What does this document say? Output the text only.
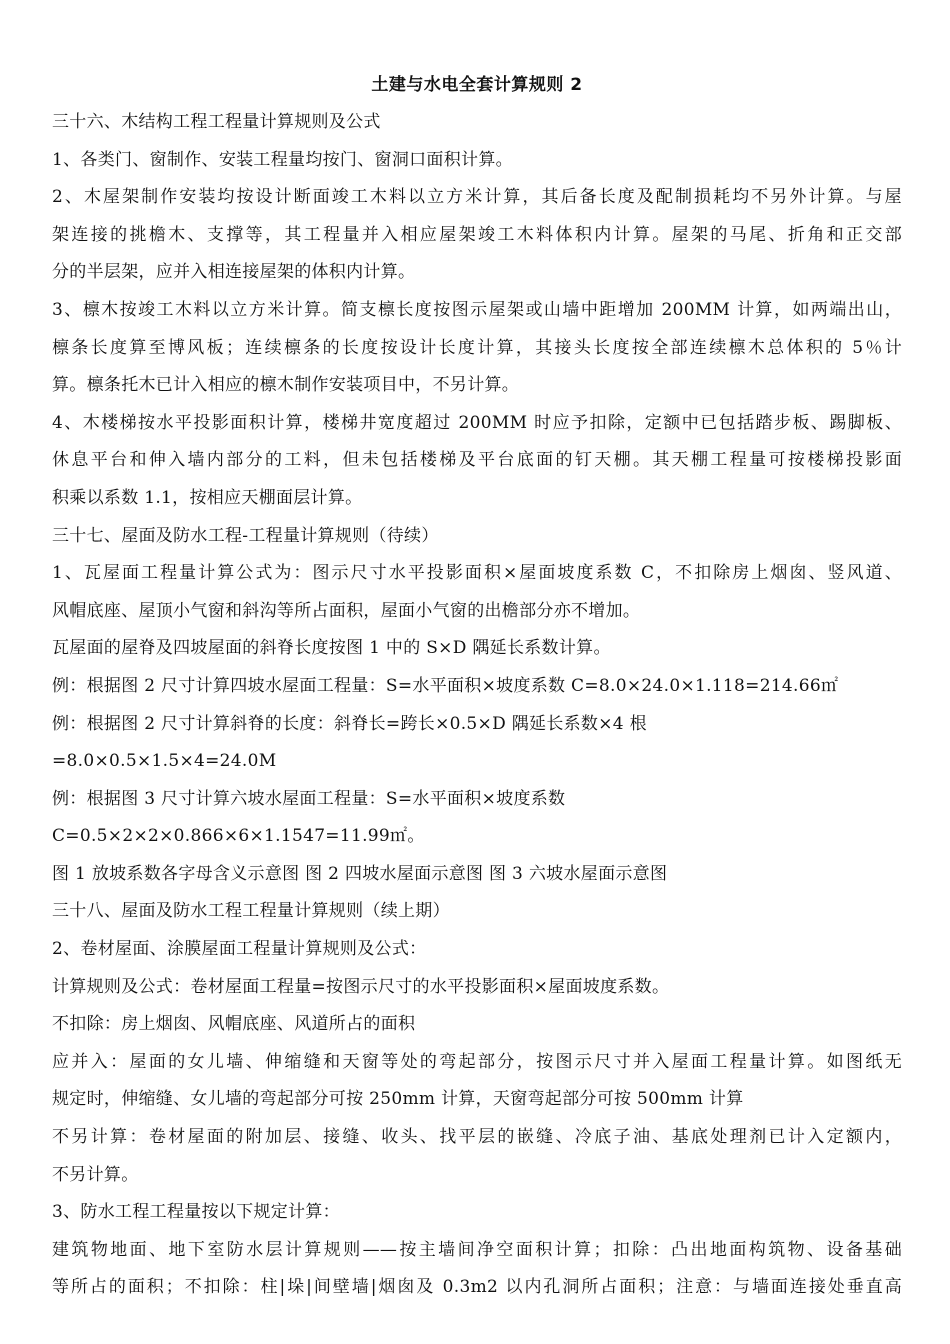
土建与水电全套计算规则 2

三十六、木结构工程工程量计算规则及公式

1、各类门、窗制作、安装工程量均按门、窗洞口面积计算。

2、木屋架制作安装均按设计断面竣工木料以立方米计算，其后备长度及配制损耗均不另外计算。与屋

架连接的挑檐木、支撑等，其工程量并入相应屋架竣工木料体积内计算。屋架的马尾、折角和正交部

分的半层架，应并入相连接屋架的体积内计算。

3、檩木按竣工木料以立方米计算。简支檩长度按图示屋架或山墙中距增加 200MM 计算，如两端出山，

檩条长度算至博风板；连续檩条的长度按设计长度计算，其接头长度按全部连续檩木总体积的 5％计

算。檩条托木已计入相应的檩木制作安装项目中，不另计算。

4、木楼梯按水平投影面积计算，楼梯井宽度超过 200MM 时应予扣除，定额中已包括踏步板、踢脚板、

休息平台和伸入墙内部分的工料，但未包括楼梯及平台底面的钉天棚。其天棚工程量可按楼梯投影面

积乘以系数 1.1，按相应天棚面层计算。

三十七、屋面及防水工程-工程量计算规则（待续）

1、瓦屋面工程量计算公式为：图示尺寸水平投影面积×屋面坡度系数 C，不扣除房上烟囱、竖风道、

风帽底座、屋顶小气窗和斜沟等所占面积，屋面小气窗的出檐部分亦不增加。

瓦屋面的屋脊及四坡屋面的斜脊长度按图 1 中的 S×D 隅延长系数计算。

例：根据图 2 尺寸计算四坡水屋面工程量：S=水平面积×坡度系数 C=8.0×24.0×1.118=214.66㎡

例：根据图 2 尺寸计算斜脊的长度：斜脊长=跨长×0.5×D 隅延长系数×4 根

=8.0×0.5×1.5×4=24.0M

例：根据图 3 尺寸计算六坡水屋面工程量：S=水平面积×坡度系数

C=0.5×2×2×0.866×6×1.1547=11.99㎡。

图 1 放坡系数各字母含义示意图 图 2 四坡水屋面示意图 图 3 六坡水屋面示意图

三十八、屋面及防水工程工程量计算规则（续上期）

2、卷材屋面、涂膜屋面工程量计算规则及公式：

计算规则及公式：卷材屋面工程量=按图示尺寸的水平投影面积×屋面坡度系数。

不扣除：房上烟囱、风帽底座、风道所占的面积

应并入：屋面的女儿墙、伸缩缝和天窗等处的弯起部分，按图示尺寸并入屋面工程量计算。如图纸无

规定时，伸缩缝、女儿墙的弯起部分可按 250mm 计算，天窗弯起部分可按 500mm 计算

不另计算：卷材屋面的附加层、接缝、收头、找平层的嵌缝、冷底子油、基底处理剂已计入定额内，

不另计算。

3、防水工程工程量按以下规定计算：

建筑物地面、地下室防水层计算规则——按主墙间净空面积计算；扣除：凸出地面构筑物、设备基础

等所占的面积；不扣除：柱|垛|间壁墙|烟囱及 0.3m2 以内孔洞所占面积；注意：与墙面连接处垂直高
